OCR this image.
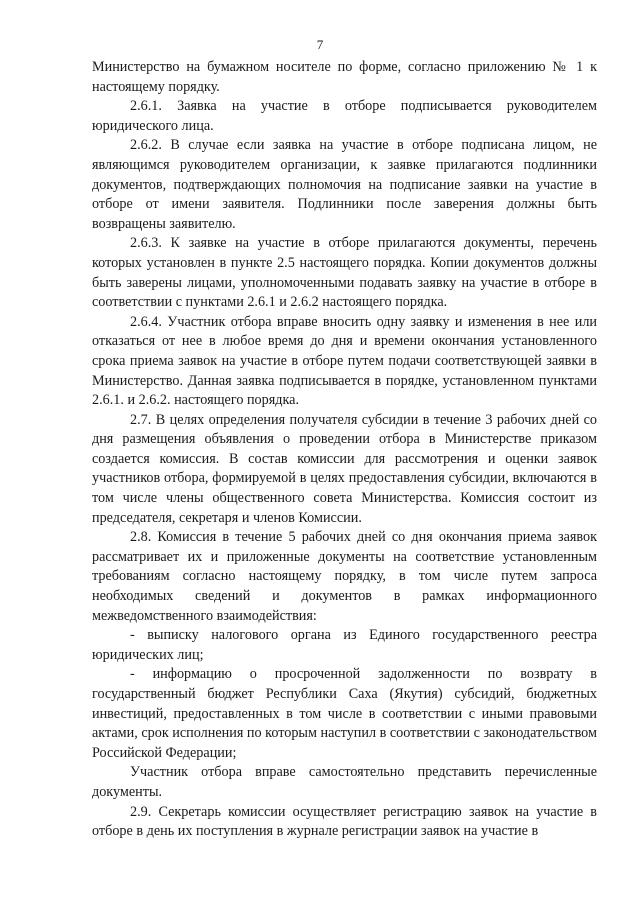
7

Министерство на бумажном носителе по форме, согласно приложению № 1 к настоящему порядку.

2.6.1. Заявка на участие в отборе подписывается руководителем юридического лица.

2.6.2. В случае если заявка на участие в отборе подписана лицом, не являющимся руководителем организации, к заявке прилагаются подлинники документов, подтверждающих полномочия на подписание заявки на участие в отборе от имени заявителя. Подлинники после заверения должны быть возвращены заявителю.

2.6.3. К заявке на участие в отборе прилагаются документы, перечень которых установлен в пункте 2.5 настоящего порядка. Копии документов должны быть заверены лицами, уполномоченными подавать заявку на участие в отборе в соответствии с пунктами 2.6.1 и 2.6.2 настоящего порядка.

2.6.4. Участник отбора вправе вносить одну заявку и изменения в нее или отказаться от нее в любое время до дня и времени окончания установленного срока приема заявок на участие в отборе путем подачи соответствующей заявки в Министерство. Данная заявка подписывается в порядке, установленном пунктами 2.6.1. и 2.6.2. настоящего порядка.

2.7. В целях определения получателя субсидии в течение 3 рабочих дней со дня размещения объявления о проведении отбора в Министерстве приказом создается комиссия. В состав комиссии для рассмотрения и оценки заявок участников отбора, формируемой в целях предоставления субсидии, включаются в том числе члены общественного совета Министерства. Комиссия состоит из председателя, секретаря и членов Комиссии.

2.8. Комиссия в течение 5 рабочих дней со дня окончания приема заявок рассматривает их и приложенные документы на соответствие установленным требованиям согласно настоящему порядку, в том числе путем запроса необходимых сведений и документов в рамках информационного межведомственного взаимодействия:

- выписку налогового органа из Единого государственного реестра юридических лиц;

- информацию о просроченной задолженности по возврату в государственный бюджет Республики Саха (Якутия) субсидий, бюджетных инвестиций, предоставленных в том числе в соответствии с иными правовыми актами, срок исполнения по которым наступил в соответствии с законодательством Российской Федерации;

Участник отбора вправе самостоятельно представить перечисленные документы.

2.9. Секретарь комиссии осуществляет регистрацию заявок на участие в отборе в день их поступления в журнале регистрации заявок на участие в
